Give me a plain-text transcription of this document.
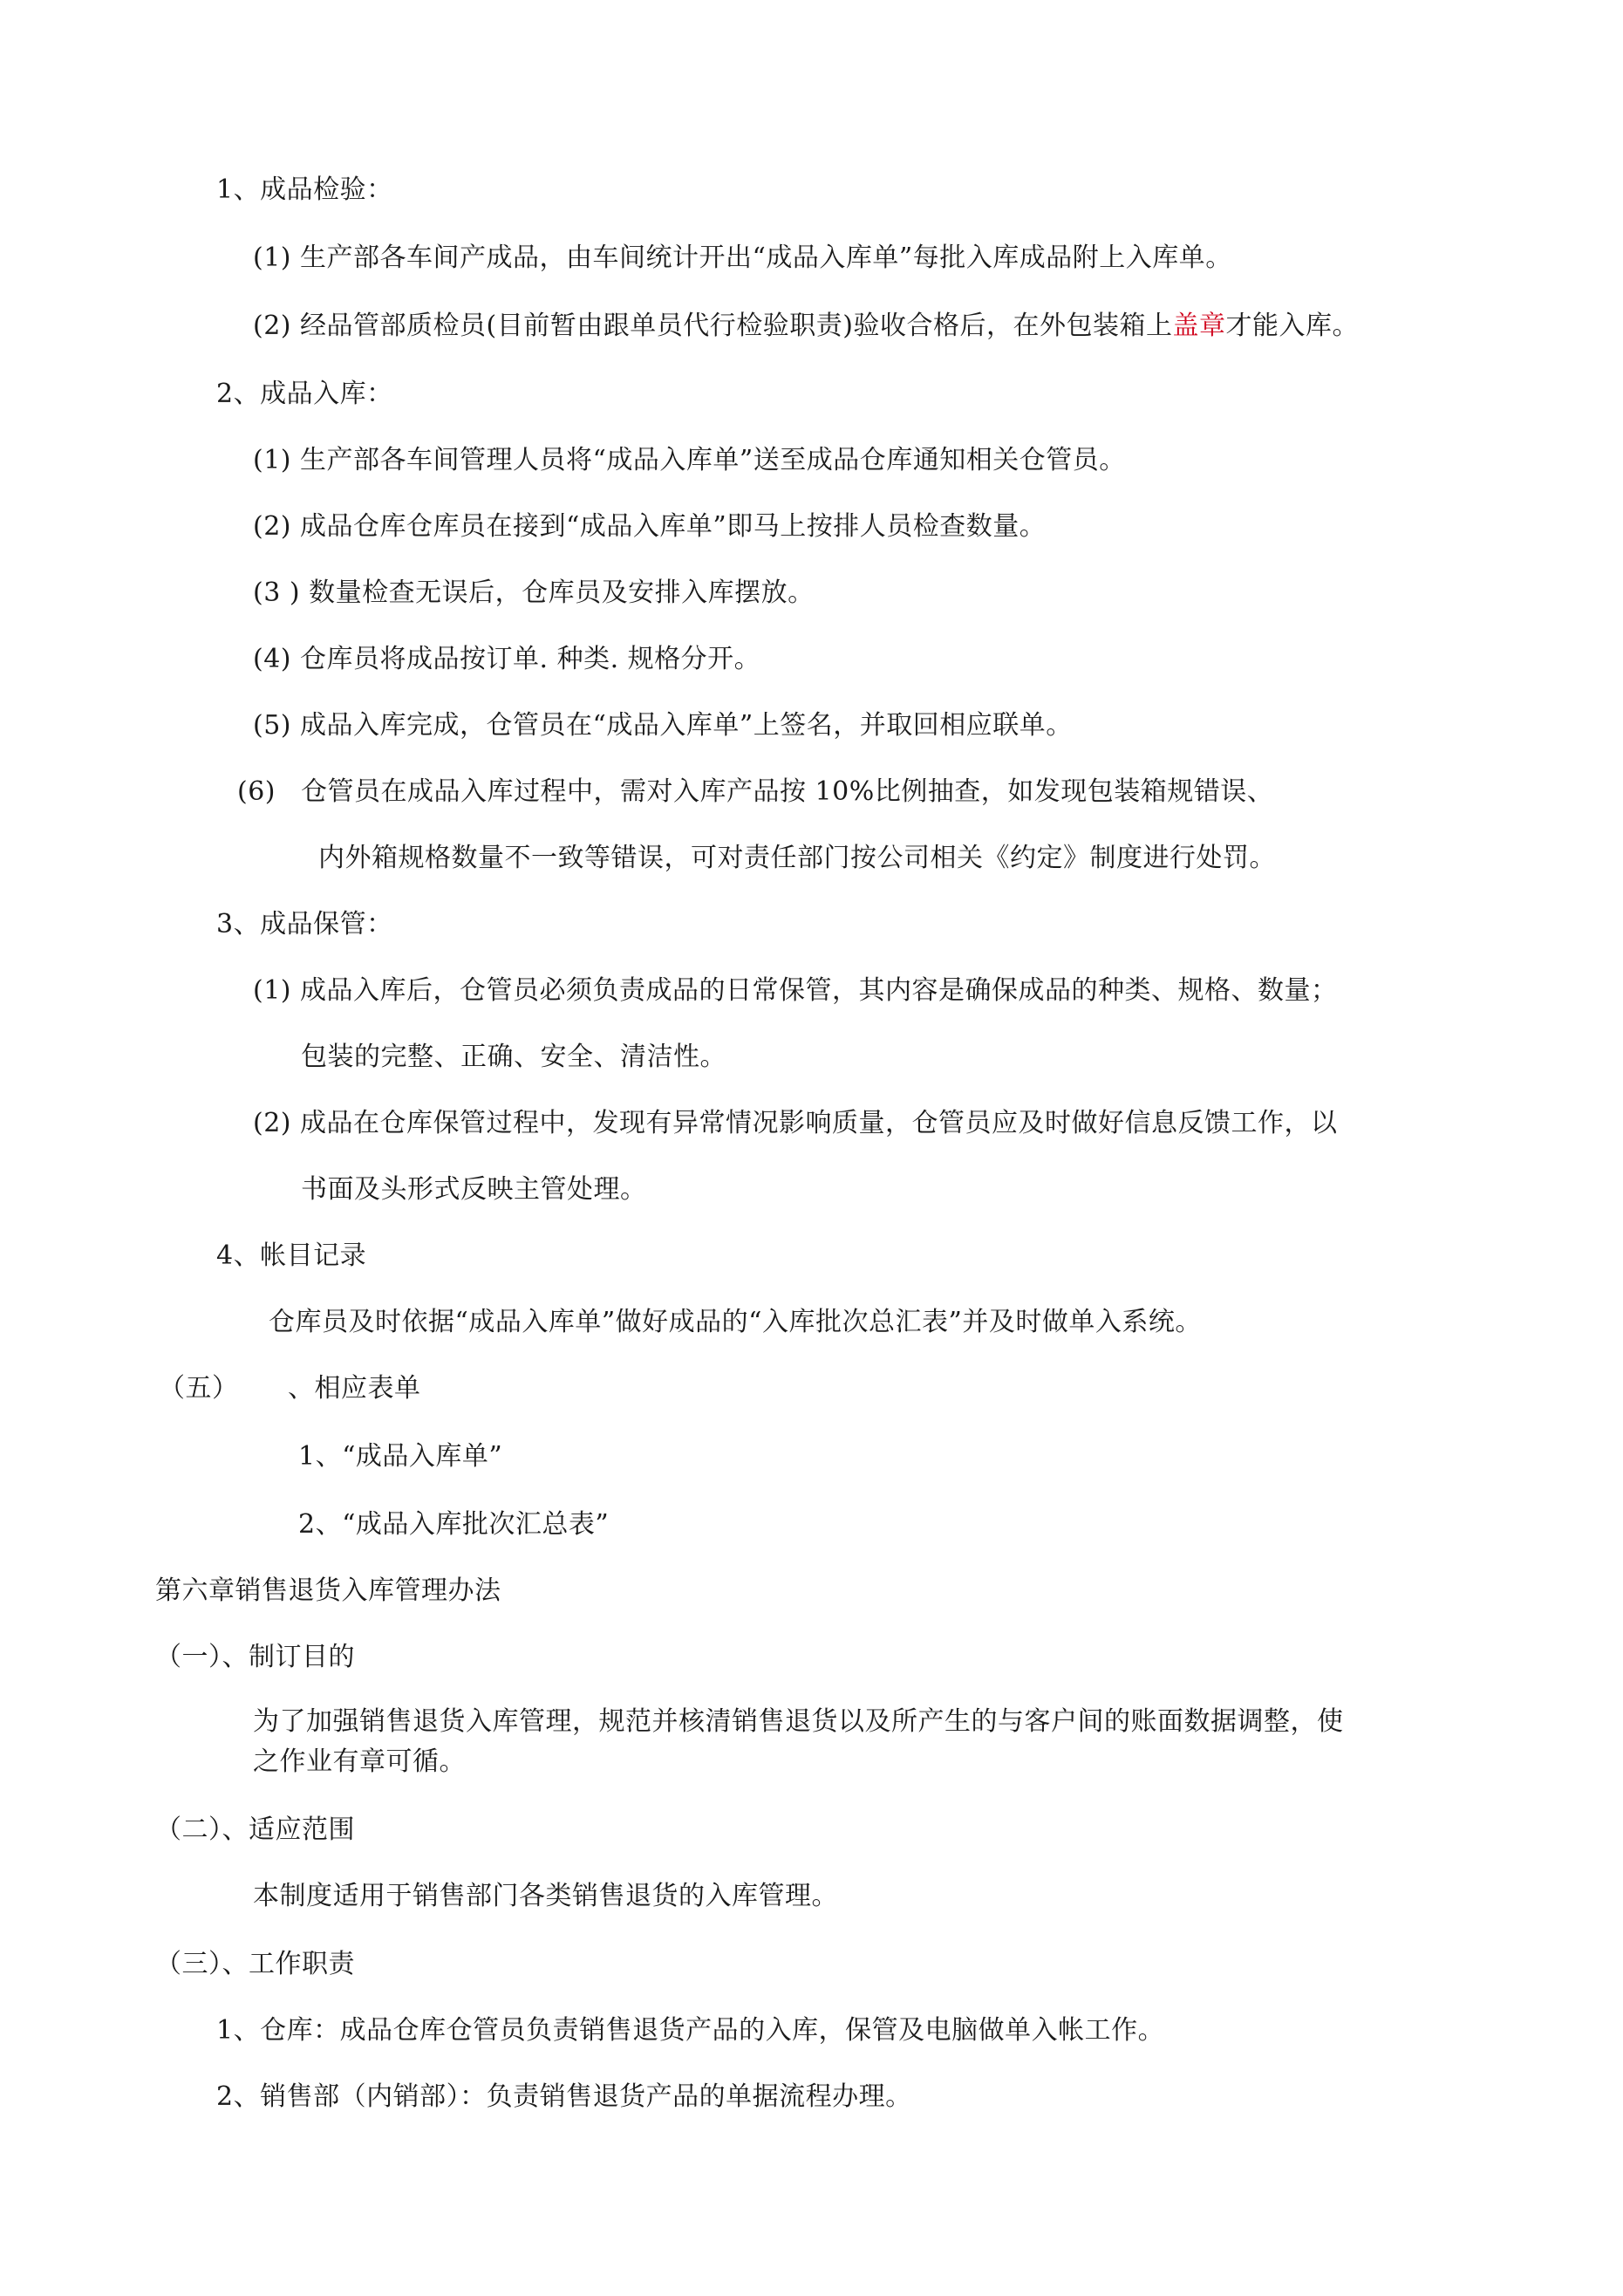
1、成品检验：
(1) 生产部各车间产成品，由车间统计开出“成品入库单”每批入库成品附上入库单。
(2) 经品管部质检员(目前暂由跟单员代行检验职责)验收合格后，在外包装箱上盖章才能入库。
2、成品入库：
(1) 生产部各车间管理人员将“成品入库单”送至成品仓库通知相关仓管员。
(2) 成品仓库仓库员在接到“成品入库单”即马上按排人员检查数量。
(3 ) 数量检查无误后，仓库员及安排入库摆放。
(4) 仓库员将成品按订单. 种类. 规格分开。
(5) 成品入库完成，仓管员在“成品入库单”上签名，并取回相应联单。
(6) 仓管员在成品入库过程中，需对入库产品按 10%比例抽查，如发现包装箱规错误、
内外箱规格数量不一致等错误，可对责任部门按公司相关《约定》制度进行处罚。
3、成品保管：
(1) 成品入库后，仓管员必须负责成品的日常保管，其内容是确保成品的种类、规格、数量；
包装的完整、正确、安全、清洁性。
(2) 成品在仓库保管过程中，发现有异常情况影响质量，仓管员应及时做好信息反馈工作，以
书面及头形式反映主管处理。
4、帐目记录
仓库员及时依据“成品入库单”做好成品的“入库批次总汇表”并及时做单入系统。
（五） 、相应表单
1、“成品入库单”
2、“成品入库批次汇总表”
第六章销售退货入库管理办法
（一）、制订目的
为了加强销售退货入库管理，规范并核清销售退货以及所产生的与客户间的账面数据调整，使
之作业有章可循。
（二）、适应范围
本制度适用于销售部门各类销售退货的入库管理。
（三）、工作职责
1、仓库：成品仓库仓管员负责销售退货产品的入库，保管及电脑做单入帐工作。
2、销售部（内销部）：负责销售退货产品的单据流程办理。
